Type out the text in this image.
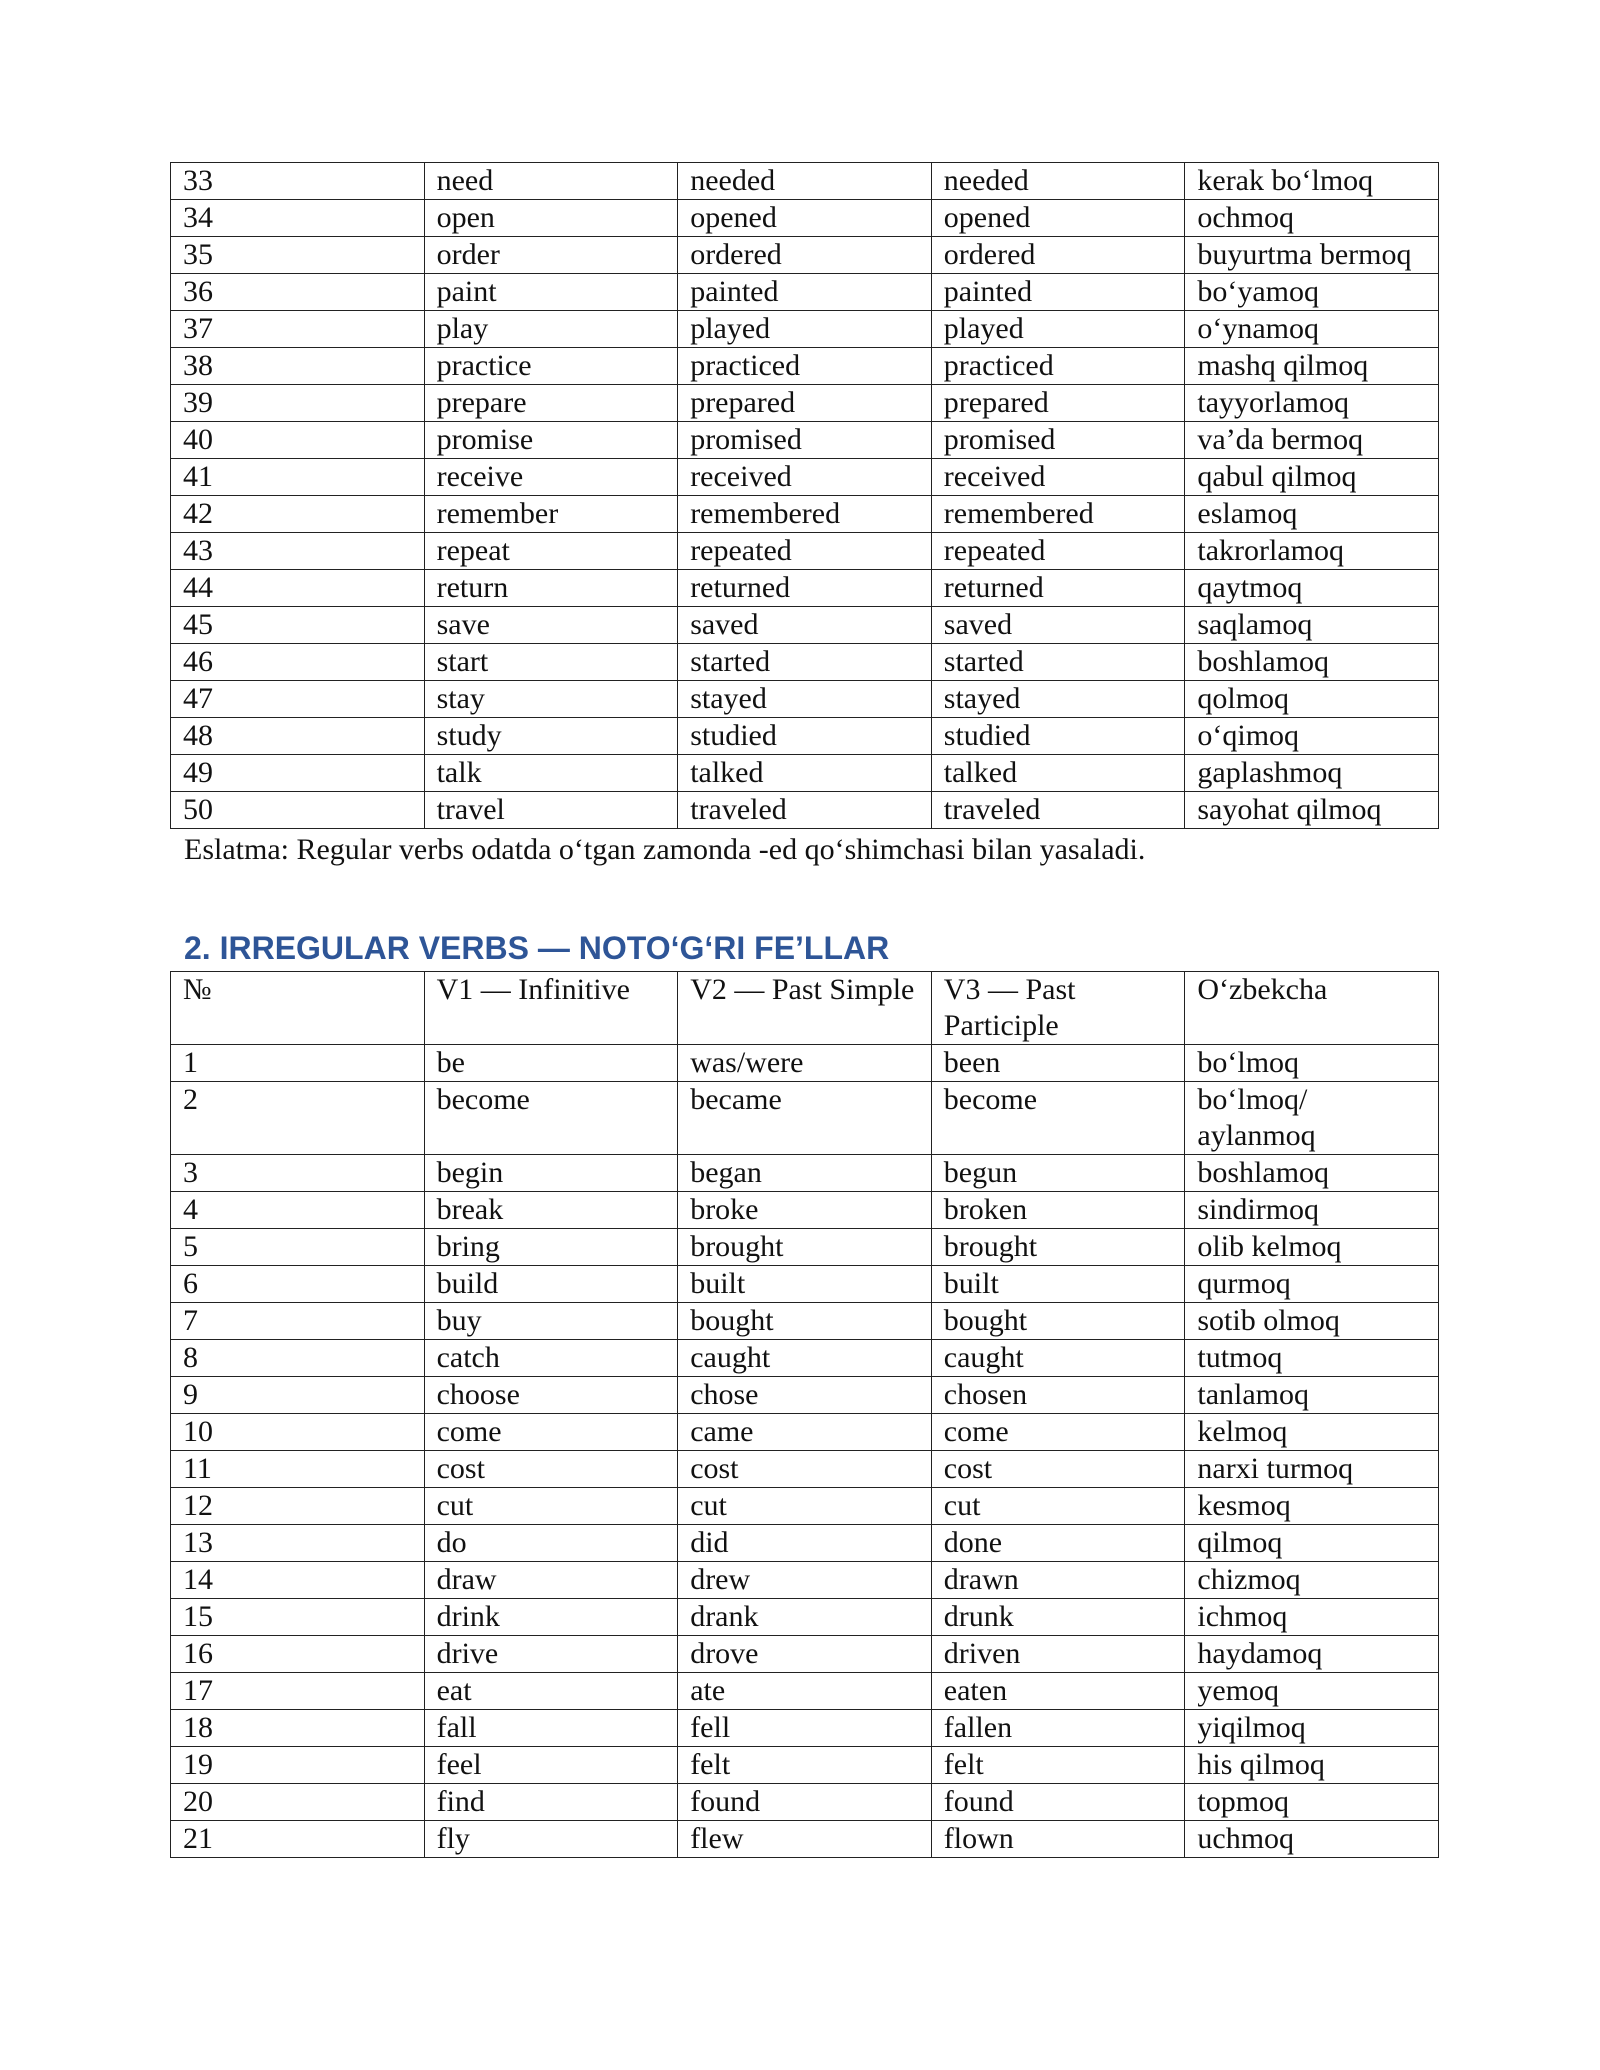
33	need	needed	needed	kerak bo‘lmoq
34	open	opened	opened	ochmoq
35	order	ordered	ordered	buyurtma bermoq
36	paint	painted	painted	bo‘yamoq
37	play	played	played	o‘ynamoq
38	practice	practiced	practiced	mashq qilmoq
39	prepare	prepared	prepared	tayyorlamoq
40	promise	promised	promised	va’da bermoq
41	receive	received	received	qabul qilmoq
42	remember	remembered	remembered	eslamoq
43	repeat	repeated	repeated	takrorlamoq
44	return	returned	returned	qaytmoq
45	save	saved	saved	saqlamoq
46	start	started	started	boshlamoq
47	stay	stayed	stayed	qolmoq
48	study	studied	studied	o‘qimoq
49	talk	talked	talked	gaplashmoq
50	travel	traveled	traveled	sayohat qilmoq
Eslatma: Regular verbs odatda o‘tgan zamonda -ed qo‘shimchasi bilan yasaladi.
2. IRREGULAR VERBS — NOTO‘G‘RI FE’LLAR
№	V1 — Infinitive	V2 — Past Simple	V3 — Past Participle	O‘zbekcha
1	be	was/were	been	bo‘lmoq
2	become	became	become	bo‘lmoq/ aylanmoq
3	begin	began	begun	boshlamoq
4	break	broke	broken	sindirmoq
5	bring	brought	brought	olib kelmoq
6	build	built	built	qurmoq
7	buy	bought	bought	sotib olmoq
8	catch	caught	caught	tutmoq
9	choose	chose	chosen	tanlamoq
10	come	came	come	kelmoq
11	cost	cost	cost	narxi turmoq
12	cut	cut	cut	kesmoq
13	do	did	done	qilmoq
14	draw	drew	drawn	chizmoq
15	drink	drank	drunk	ichmoq
16	drive	drove	driven	haydamoq
17	eat	ate	eaten	yemoq
18	fall	fell	fallen	yiqilmoq
19	feel	felt	felt	his qilmoq
20	find	found	found	topmoq
21	fly	flew	flown	uchmoq
